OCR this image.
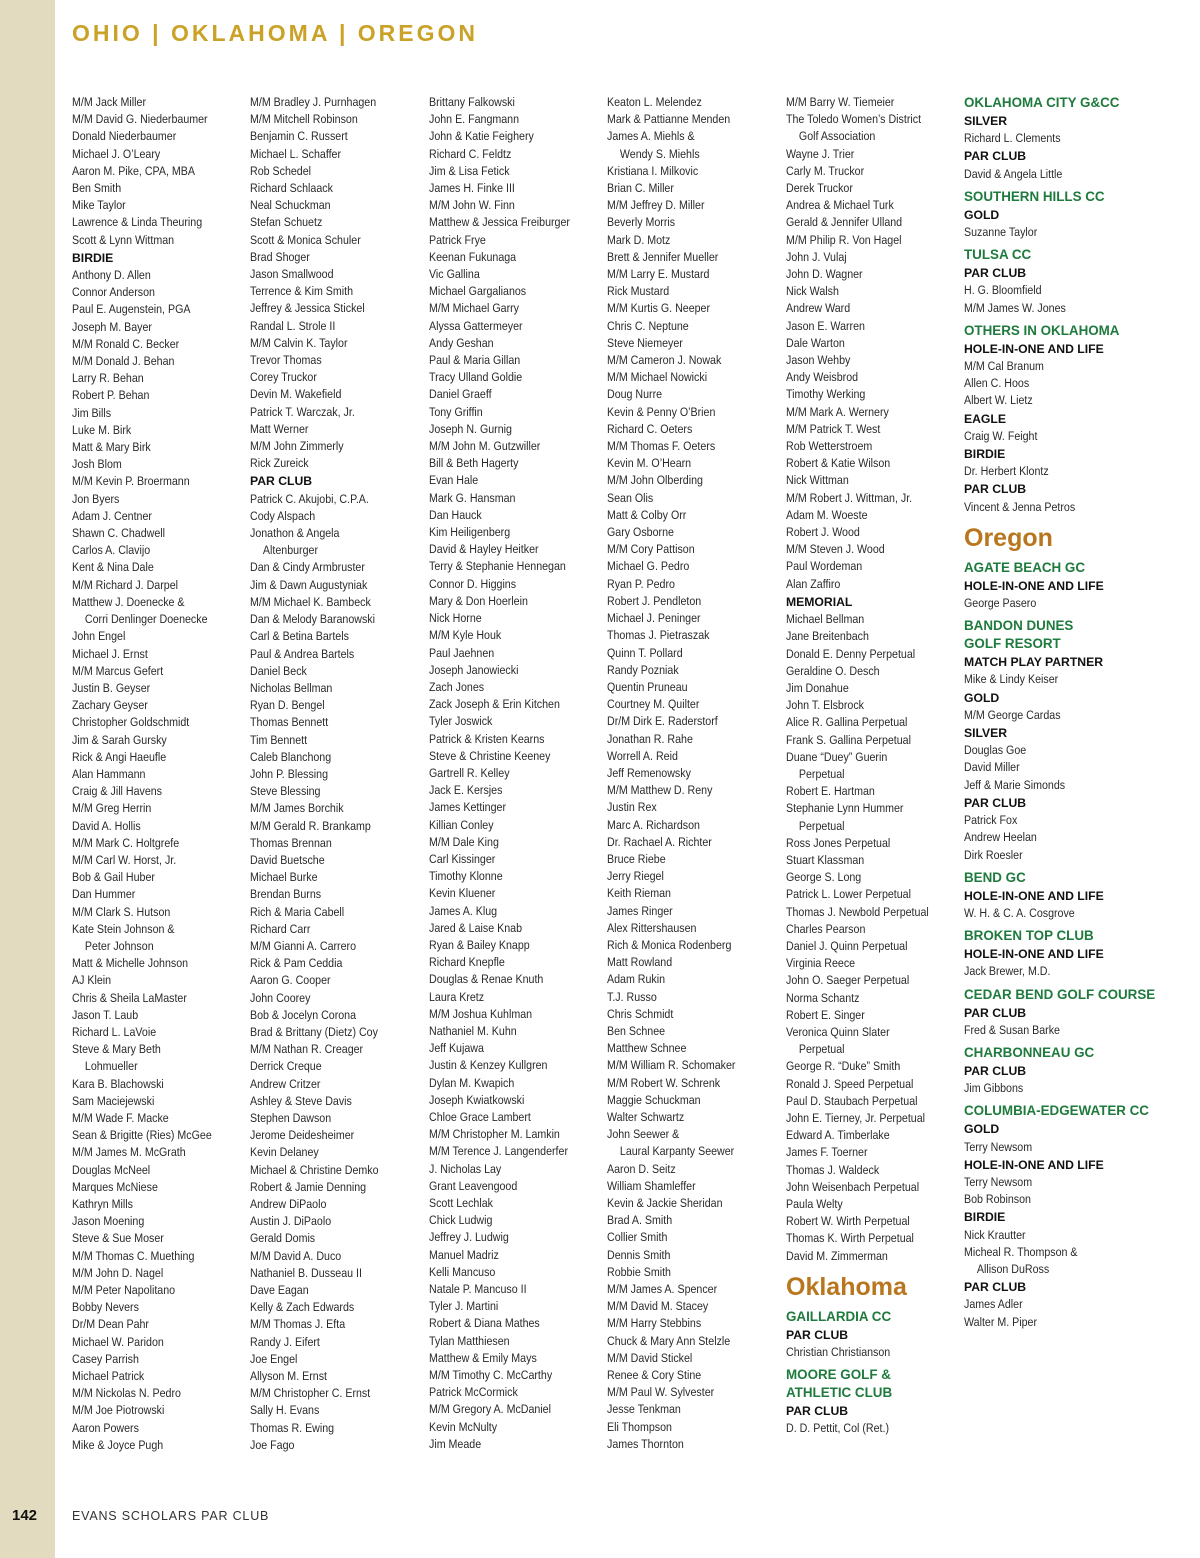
OHIO | OKLAHOMA | OREGON
M/M Jack Miller
M/M David G. Niederbaumer
Donald Niederbaumer
Michael J. O’Leary
Aaron M. Pike, CPA, MBA
Ben Smith
Mike Taylor
Lawrence & Linda Theuring
Scott & Lynn Wittman
BIRDIE
Anthony D. Allen
Connor Anderson
Paul E. Augenstein, PGA
Joseph M. Bayer
M/M Ronald C. Becker
M/M Donald J. Behan
Larry R. Behan
Robert P. Behan
Jim Bills
Luke M. Birk
Matt & Mary Birk
Josh Blom
M/M Kevin P. Broermann
Jon Byers
Adam J. Centner
Shawn C. Chadwell
Carlos A. Clavijo
Kent & Nina Dale
M/M Richard J. Darpel
Matthew J. Doenecke &
Corri Denlinger Doenecke
John Engel
Michael J. Ernst
M/M Marcus Gefert
Justin B. Geyser
Zachary Geyser
Christopher Goldschmidt
Jim & Sarah Gursky
Rick & Angi Haeufle
Alan Hammann
Craig & Jill Havens
M/M Greg Herrin
David A. Hollis
M/M Mark C. Holtgrefe
M/M Carl W. Horst, Jr.
Bob & Gail Huber
Dan Hummer
M/M Clark S. Hutson
Kate Stein Johnson &
Peter Johnson
Matt & Michelle Johnson
AJ Klein
Chris & Sheila LaMaster
Jason T. Laub
Richard L. LaVoie
Steve & Mary Beth
Lohmueller
Kara B. Blachowski
Sam Maciejewski
M/M Wade F. Macke
Sean & Brigitte (Ries) McGee
M/M James M. McGrath
Douglas McNeel
Marques McNiese
Kathryn Mills
Jason Moening
Steve & Sue Moser
M/M Thomas C. Muething
M/M John D. Nagel
M/M Peter Napolitano
Bobby Nevers
Dr/M Dean Pahr
Michael W. Paridon
Casey Parrish
Michael Patrick
M/M Nickolas N. Pedro
M/M Joe Piotrowski
Aaron Powers
Mike & Joyce Pugh
M/M Bradley J. Purnhagen
M/M Mitchell Robinson
Benjamin C. Russert
Michael L. Schaffer
Rob Schedel
Richard Schlaack
Neal Schuckman
Stefan Schuetz
Scott & Monica Schuler
Brad Shoger
Jason Smallwood
Terrence & Kim Smith
Jeffrey & Jessica Stickel
Randal L. Strole II
M/M Calvin K. Taylor
Trevor Thomas
Corey Truckor
Devin M. Wakefield
Patrick T. Warczak, Jr.
Matt Werner
M/M John Zimmerly
Rick Zureick
PAR CLUB
Patrick C. Akujobi, C.P.A.
Cody Alspach
Jonathon & Angela
Altenburger
Dan & Cindy Armbruster
Jim & Dawn Augustyniak
M/M Michael K. Bambeck
Dan & Melody Baranowski
Carl & Betina Bartels
Paul & Andrea Bartels
Daniel Beck
Nicholas Bellman
Ryan D. Bengel
Thomas Bennett
Tim Bennett
Caleb Blanchong
John P. Blessing
Steve Blessing
M/M James Borchik
M/M Gerald R. Brankamp
Thomas Brennan
David Buetsche
Michael Burke
Brendan Burns
Rich & Maria Cabell
Richard Carr
M/M Gianni A. Carrero
Rick & Pam Ceddia
Aaron G. Cooper
John Coorey
Bob & Jocelyn Corona
Brad & Brittany (Dietz) Coy
M/M Nathan R. Creager
Derrick Creque
Andrew Critzer
Ashley & Steve Davis
Stephen Dawson
Jerome Deidesheimer
Kevin Delaney
Michael & Christine Demko
Robert & Jamie Denning
Andrew DiPaolo
Austin J. DiPaolo
Gerald Domis
M/M David A. Duco
Nathaniel B. Dusseau II
Dave Eagan
Kelly & Zach Edwards
M/M Thomas J. Efta
Randy J. Eifert
Joe Engel
Allyson M. Ernst
M/M Christopher C. Ernst
Sally H. Evans
Thomas R. Ewing
Joe Fago
Brittany Falkowski
John E. Fangmann
John & Katie Feighery
Richard C. Feldtz
Jim & Lisa Fetick
James H. Finke III
M/M John W. Finn
Matthew & Jessica Freiburger
Patrick Frye
Keenan Fukunaga
Vic Gallina
Michael Gargalianos
M/M Michael Garry
Alyssa Gattermeyer
Andy Geshan
Paul & Maria Gillan
Tracy Ulland Goldie
Daniel Graeff
Tony Griffin
Joseph N. Gurnig
M/M John M. Gutzwiller
Bill & Beth Hagerty
Evan Hale
Mark G. Hansman
Dan Hauck
Kim Heiligenberg
David & Hayley Heitker
Terry & Stephanie Hennegan
Connor D. Higgins
Mary & Don Hoerlein
Nick Horne
M/M Kyle Houk
Paul Jaehnen
Joseph Janowiecki
Zach Jones
Zack Joseph & Erin Kitchen
Tyler Joswick
Patrick & Kristen Kearns
Steve & Christine Keeney
Gartrell R. Kelley
Jack E. Kersjes
James Kettinger
Killian Conley
M/M Dale King
Carl Kissinger
Timothy Klonne
Kevin Kluener
James A. Klug
Jared & Laise Knab
Ryan & Bailey Knapp
Richard Knepfle
Douglas & Renae Knuth
Laura Kretz
M/M Joshua Kuhlman
Nathaniel M. Kuhn
Jeff Kujawa
Justin & Kenzey Kullgren
Dylan M. Kwapich
Joseph Kwiatkowski
Chloe Grace Lambert
M/M Christopher M. Lamkin
M/M Terence J. Langenderfer
J. Nicholas Lay
Grant Leavengood
Scott Lechlak
Chick Ludwig
Jeffrey J. Ludwig
Manuel Madriz
Kelli Mancuso
Natale P. Mancuso II
Tyler J. Martini
Robert & Diana Mathes
Tylan Matthiesen
Matthew & Emily Mays
M/M Timothy C. McCarthy
Patrick McCormick
M/M Gregory A. McDaniel
Kevin McNulty
Jim Meade
Keaton L. Melendez
Mark & Pattianne Menden
James A. Miehls &
Wendy S. Miehls
Kristiana I. Milkovic
Brian C. Miller
M/M Jeffrey D. Miller
Beverly Morris
Mark D. Motz
Brett & Jennifer Mueller
M/M Larry E. Mustard
Rick Mustard
M/M Kurtis G. Neeper
Chris C. Neptune
Steve Niemeyer
M/M Cameron J. Nowak
M/M Michael Nowicki
Doug Nurre
Kevin & Penny O’Brien
Richard C. Oeters
M/M Thomas F. Oeters
Kevin M. O’Hearn
M/M John Olberding
Sean Olis
Matt & Colby Orr
Gary Osborne
M/M Cory Pattison
Michael G. Pedro
Ryan P. Pedro
Robert J. Pendleton
Michael J. Peninger
Thomas J. Pietraszak
Quinn T. Pollard
Randy Pozniak
Quentin Pruneau
Courtney M. Quilter
Dr/M Dirk E. Raderstorf
Jonathan R. Rahe
Worrell A. Reid
Jeff Remenowsky
M/M Matthew D. Reny
Justin Rex
Marc A. Richardson
Dr. Rachael A. Richter
Bruce Riebe
Jerry Riegel
Keith Rieman
James Ringer
Alex Rittershausen
Rich & Monica Rodenberg
Matt Rowland
Adam Rukin
T.J. Russo
Chris Schmidt
Ben Schnee
Matthew Schnee
M/M William R. Schomaker
M/M Robert W. Schrenk
Maggie Schuckman
Walter Schwartz
John Seewer &
Laural Karpanty Seewer
Aaron D. Seitz
William Shamleffer
Kevin & Jackie Sheridan
Brad A. Smith
Collier Smith
Dennis Smith
Robbie Smith
M/M James A. Spencer
M/M David M. Stacey
M/M Harry Stebbins
Chuck & Mary Ann Stelzle
M/M David Stickel
Renee & Cory Stine
M/M Paul W. Sylvester
Jesse Tenkman
Eli Thompson
James Thornton
M/M Barry W. Tiemeier
The Toledo Women’s District
Golf Association
Wayne J. Trier
Carly M. Truckor
Derek Truckor
Andrea & Michael Turk
Gerald & Jennifer Ulland
M/M Philip R. Von Hagel
John J. Vulaj
John D. Wagner
Nick Walsh
Andrew Ward
Jason E. Warren
Dale Warton
Jason Wehby
Andy Weisbrod
Timothy Werking
M/M Mark A. Wernery
M/M Patrick T. West
Rob Wetterstroem
Robert & Katie Wilson
Nick Wittman
M/M Robert J. Wittman, Jr.
Adam M. Woeste
Robert J. Wood
M/M Steven J. Wood
Paul Wordeman
Alan Zaffiro
MEMORIAL
Michael Bellman
Jane Breitenbach
Donald E. Denny Perpetual
Geraldine O. Desch
Jim Donahue
John T. Elsbrock
Alice R. Gallina Perpetual
Frank S. Gallina Perpetual
Duane “Duey” Guerin
Perpetual
Robert E. Hartman
Stephanie Lynn Hummer
Perpetual
Ross Jones Perpetual
Stuart Klassman
George S. Long
Patrick L. Lower Perpetual
Thomas J. Newbold Perpetual
Charles Pearson
Daniel J. Quinn Perpetual
Virginia Reece
John O. Saeger Perpetual
Norma Schantz
Robert E. Singer
Veronica Quinn Slater
Perpetual
George R. “Duke” Smith
Ronald J. Speed Perpetual
Paul D. Staubach Perpetual
John E. Tierney, Jr. Perpetual
Edward A. Timberlake
James F. Toerner
Thomas J. Waldeck
John Weisenbach Perpetual
Paula Welty
Robert W. Wirth Perpetual
Thomas K. Wirth Perpetual
David M. Zimmerman
Oklahoma
GAILLARDIA CC
PAR CLUB
Christian Christianson
MOORE GOLF &
ATHLETIC CLUB
PAR CLUB
D. D. Pettit, Col (Ret.)
OKLAHOMA CITY G&CC
SILVER
Richard L. Clements
PAR CLUB
David & Angela Little
SOUTHERN HILLS CC
GOLD
Suzanne Taylor
TULSA CC
PAR CLUB
H. G. Bloomfield
M/M James W. Jones
OTHERS IN OKLAHOMA
HOLE-IN-ONE AND LIFE
M/M Cal Branum
Allen C. Hoos
Albert W. Lietz
EAGLE
Craig W. Feight
BIRDIE
Dr. Herbert Klontz
PAR CLUB
Vincent & Jenna Petros
Oregon
AGATE BEACH GC
HOLE-IN-ONE AND LIFE
George Pasero
BANDON DUNES
GOLF RESORT
MATCH PLAY PARTNER
Mike & Lindy Keiser
GOLD
M/M George Cardas
SILVER
Douglas Goe
David Miller
Jeff & Marie Simonds
PAR CLUB
Patrick Fox
Andrew Heelan
Dirk Roesler
BEND GC
HOLE-IN-ONE AND LIFE
W. H. & C. A. Cosgrove
BROKEN TOP CLUB
HOLE-IN-ONE AND LIFE
Jack Brewer, M.D.
CEDAR BEND GOLF COURSE
PAR CLUB
Fred & Susan Barke
CHARBONNEAU GC
PAR CLUB
Jim Gibbons
COLUMBIA-EDGEWATER CC
GOLD
Terry Newsom
HOLE-IN-ONE AND LIFE
Terry Newsom
Bob Robinson
BIRDIE
Nick Krautter
Micheal R. Thompson &
Allison DuRoss
PAR CLUB
James Adler
Walter M. Piper
142	EVANS SCHOLARS PAR CLUB
